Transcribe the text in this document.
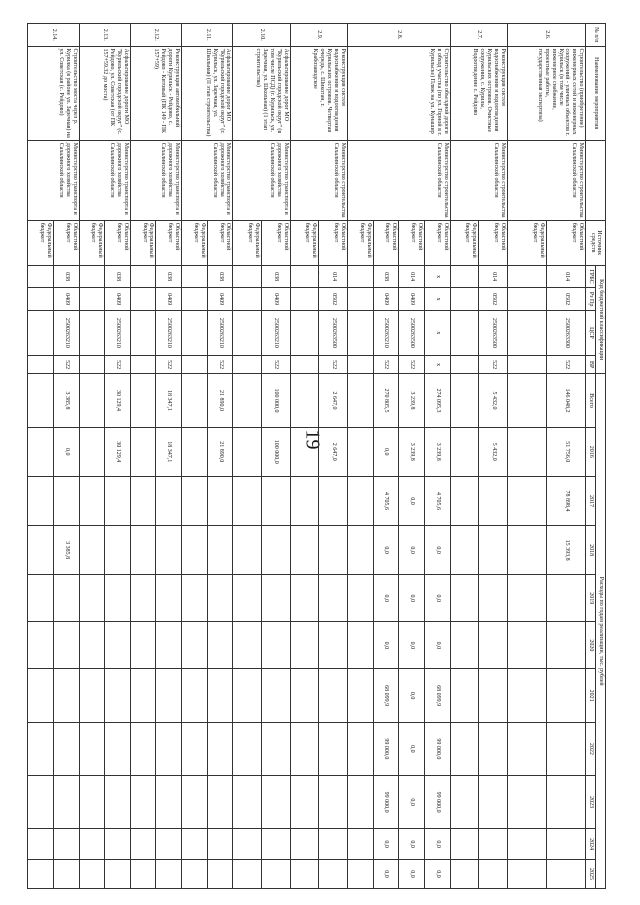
19
-
№ п/п	Наименование мероприятия		Источник средств	Код бюджетной классификации				Расходы по годам реализации, тыс. рублей										
				ГРБС	Рз Пр	ЦСР	ВР	Всего	2016	2017	2018	2019	2020	2021	2022	2023	2024	2025
2.6.	Строительство (приобретение) инженерных сетей и инженерных сооружений - уличных объектов г. Курильск (в том числе инженерное снабжение, проектные работы, государственная экспертиза)	Министерство строительства Сахалинской области	Областной бюджет	014	0502	2500263300	522	146 048,2	51 756,0	78 898,4	15 393,8							
			Федеральный бюджет															
2.7.	Реконструкция систем водоснабжения и водоотведения Курильских островов. Очистные сооружения, с. Курилы, Водоотведение с. Рейдово	Министерство строительства Сахалинской области	Областной бюджет	014	0502	2500263500	522	5 432,0	5 432,0									
			Федеральный бюджет															
2.8.	Строительство объездной дороги в обход участка (по ул. Горной в г. Курильске) Пляж на ул. Кунашир	Министерство строительства Сахалинской области	Областной бюджет	x	x	x	x	274 095,3	3 239,8	4 705,6	0,0	0,0	0,0	68 099,9	99 000,0	99 000,0	0,0	0,0
			Областной бюджет	014	0409	2500263500	522	3 239,8	3 239,8	0,0	0,0	0,0	0,0	0,0	0,0	0,0	0,0	0,0
			Областной бюджет	038	0409	2500263210	522	270 805,5	0,0	4 705,6	0,0	0,0	0,0	68 099,9	99 000,0	99 000,0	0,0	0,0
			Федеральный бюджет															
2.9.	Реконструкция систем водоснабжения и водоотведения Курильских островов. Четвертая очередь, с. Шикотан, г. Крабозаводское	Министерство строительства Сахалинской области	Областной бюджет	014	0502	2500263500	522	2 647,0	2 647,0									
			Федеральный бюджет															
2.10.	Асфальтирование дорог МО "Курильский городской округ" (в том числе ПСД) (г. Курильск, ул. Заречная, ул. Школьная) (1 этап строительства)	Министерство транспорта и дорожного хозяйства Сахалинской области	Областной бюджет	038	0409	2500263210	522	100 000,0	100 000,0									
			Федеральный бюджет															
2.11.	Асфальтирование дорог МО "Курильский городской округ" (г. Курильск, ул. Заречная, ул. Школьная) (II этап строительства)	Министерство транспорта и дорожного хозяйства Сахалинской области	Областной бюджет	038	0409	2500263210	522	21 890,0	21 890,0									
			Федеральный бюджет															
2.12.	Реконструкция автомобильной дороги Курильск - Рейдово, с. Рейдово - Китовый (ПК 149 - ПК 157+59)	Министерство транспорта и дорожного хозяйства Сахалинской области	Областной бюджет	038	0409	2500263210	522	18 347,1	18 347,1									
			Федеральный бюджет															
2.13.	Асфальтирование дороги МО "Курильский городской округ" (с. Рейдово, ул. Советская (от ПК 157+59.32 до моста)	Министерство транспорта и дорожного хозяйства Сахалинской области	Областной бюджет	038	0409	2500263210	522	30 129,4	30 129,4									
			Федеральный бюджет															
2.14.	Строительство моста через р. Курилка (в районе ул. Заречная) на ул. Советская (с. Рейдово)	Министерство транспорта и дорожного хозяйства Сахалинской области	Областной бюджет	038	0409	2500263210	522	3 385,8	0,0		3 385,8							
			Федеральный бюджет															
